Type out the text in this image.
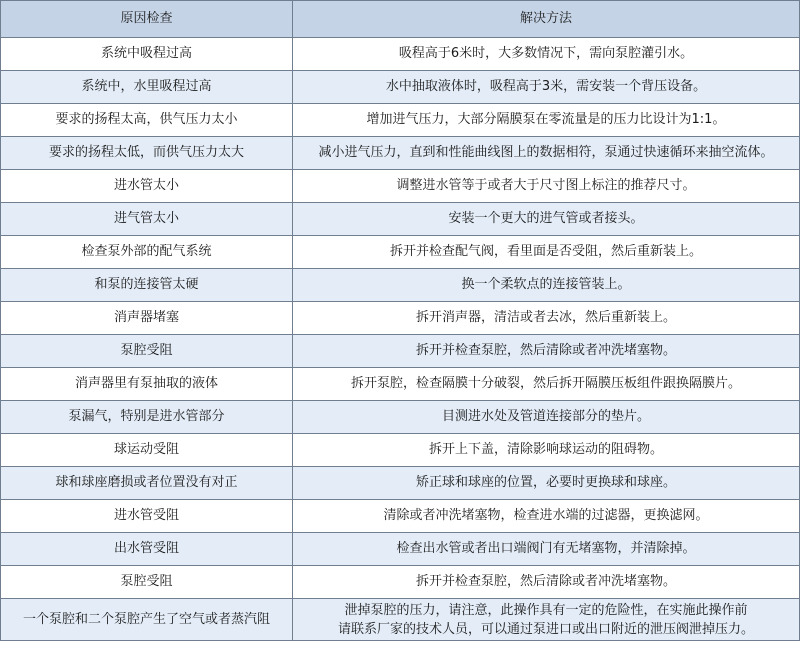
原因检查	解决方法
系统中吸程过高	吸程高于6米时，大多数情况下，需向泵腔灌引水。
系统中，水里吸程过高	水中抽取液体时，吸程高于3米，需安装一个背压设备。
要求的扬程太高，供气压力太小	增加进气压力，大部分隔膜泵在零流量是的压力比设计为1:1。
要求的扬程太低，而供气压力太大	减小进气压力，直到和性能曲线图上的数据相符，泵通过快速循环来抽空流体。
进水管太小	调整进水管等于或者大于尺寸图上标注的推荐尺寸。
进气管太小	安装一个更大的进气管或者接头。
检查泵外部的配气系统	拆开并检查配气阀，看里面是否受阻，然后重新装上。
和泵的连接管太硬	换一个柔软点的连接管装上。
消声器堵塞	拆开消声器，清洁或者去冰，然后重新装上。
泵腔受阻	拆开并检查泵腔，然后清除或者冲洗堵塞物。
消声器里有泵抽取的液体	拆开泵腔，检查隔膜十分破裂，然后拆开隔膜压板组件跟换隔膜片。
泵漏气，特别是进水管部分	目测进水处及管道连接部分的垫片。
球运动受阻	拆开上下盖，清除影响球运动的阻碍物。
球和球座磨损或者位置没有对正	矫正球和球座的位置，必要时更换球和球座。
进水管受阻	清除或者冲洗堵塞物，检查进水端的过滤器，更换滤网。
出水管受阻	检查出水管或者出口端阀门有无堵塞物，并清除掉。
泵腔受阻	拆开并检查泵腔，然后清除或者冲洗堵塞物。
一个泵腔和二个泵腔产生了空气或者蒸汽阻	泄掉泵腔的压力，请注意，此操作具有一定的危险性，在实施此操作前
请联系厂家的技术人员，可以通过泵进口或出口附近的泄压阀泄掉压力。
